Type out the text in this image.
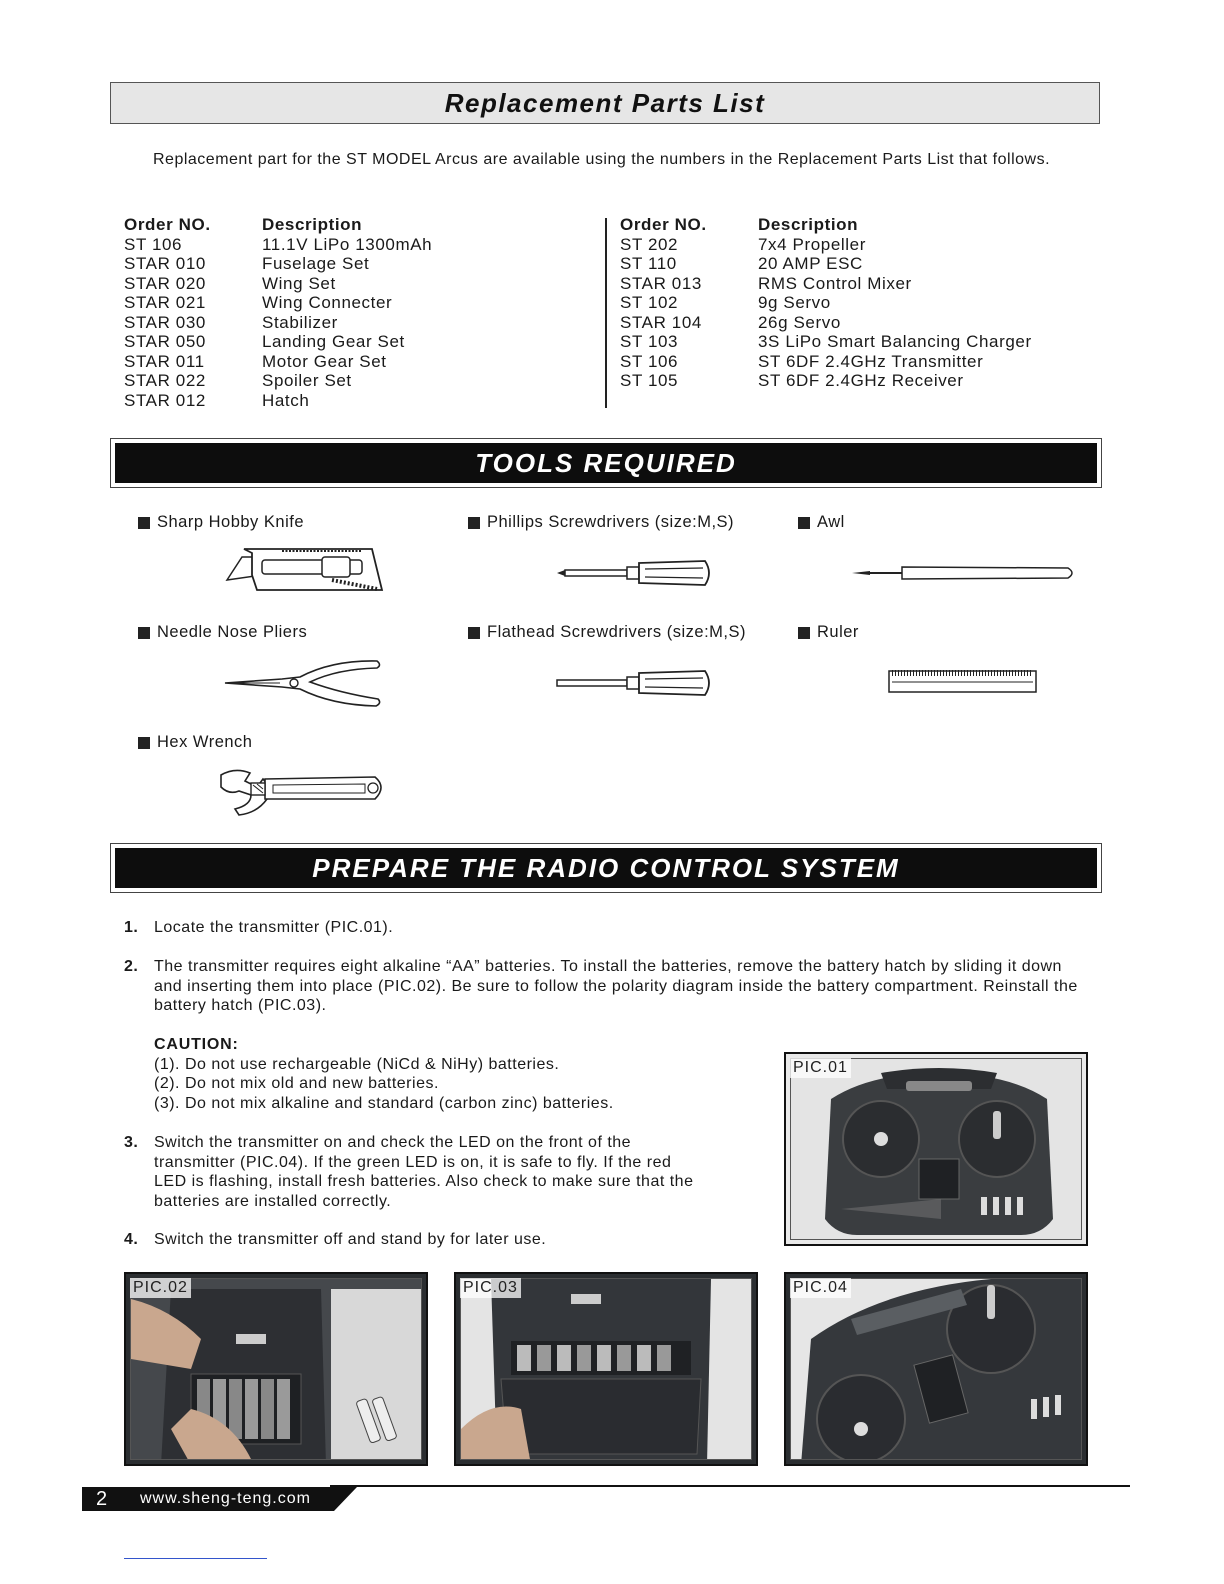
Replacement Parts List

Replacement part for the ST MODEL Arcus are available using the numbers in the Replacement Parts List that follows.

Order NO.	Description
ST 106	11.1V LiPo 1300mAh
STAR 010	Fuselage Set
STAR 020	Wing Set
STAR 021	Wing Connecter
STAR 030	Stabilizer
STAR 050	Landing Gear Set
STAR 011	Motor Gear Set
STAR 022	Spoiler Set
STAR 012	Hatch
Order NO.	Description
ST 202	7x4 Propeller
ST 110	20 AMP ESC
STAR 013	RMS Control Mixer
ST 102	9g Servo
STAR 104	26g Servo
ST 103	3S LiPo Smart Balancing Charger
ST 106	ST 6DF 2.4GHz Transmitter
ST 105	ST 6DF 2.4GHz Receiver
TOOLS REQUIRED
Sharp Hobby Knife	Phillips Screwdrivers (size:M,S)	Awl
Needle Nose Pliers	Flathead Screwdrivers (size:M,S)	Ruler
Hex Wrench
PREPARE THE RADIO CONTROL SYSTEM
1. Locate the transmitter (PIC.01).
2. The transmitter requires eight alkaline “AA” batteries. To install the batteries, remove the battery hatch by sliding it down and inserting them into place (PIC.02). Be sure to follow the polarity diagram inside the battery compartment. Reinstall the battery hatch (PIC.03).
CAUTION:
(1). Do not use rechargeable (NiCd & NiHy) batteries.
(2). Do not mix old and new batteries.
(3). Do not mix alkaline and standard (carbon zinc) batteries.
3. Switch the transmitter on and check the LED on the front of the transmitter (PIC.04). If the green LED is on, it is safe to fly. If the red LED is flashing, install fresh batteries. Also check to make sure that the batteries are installed correctly.
4. Switch the transmitter off and stand by for later use.
PIC.01
PIC.02	PIC.03	PIC.04
2 www.sheng-teng.com
